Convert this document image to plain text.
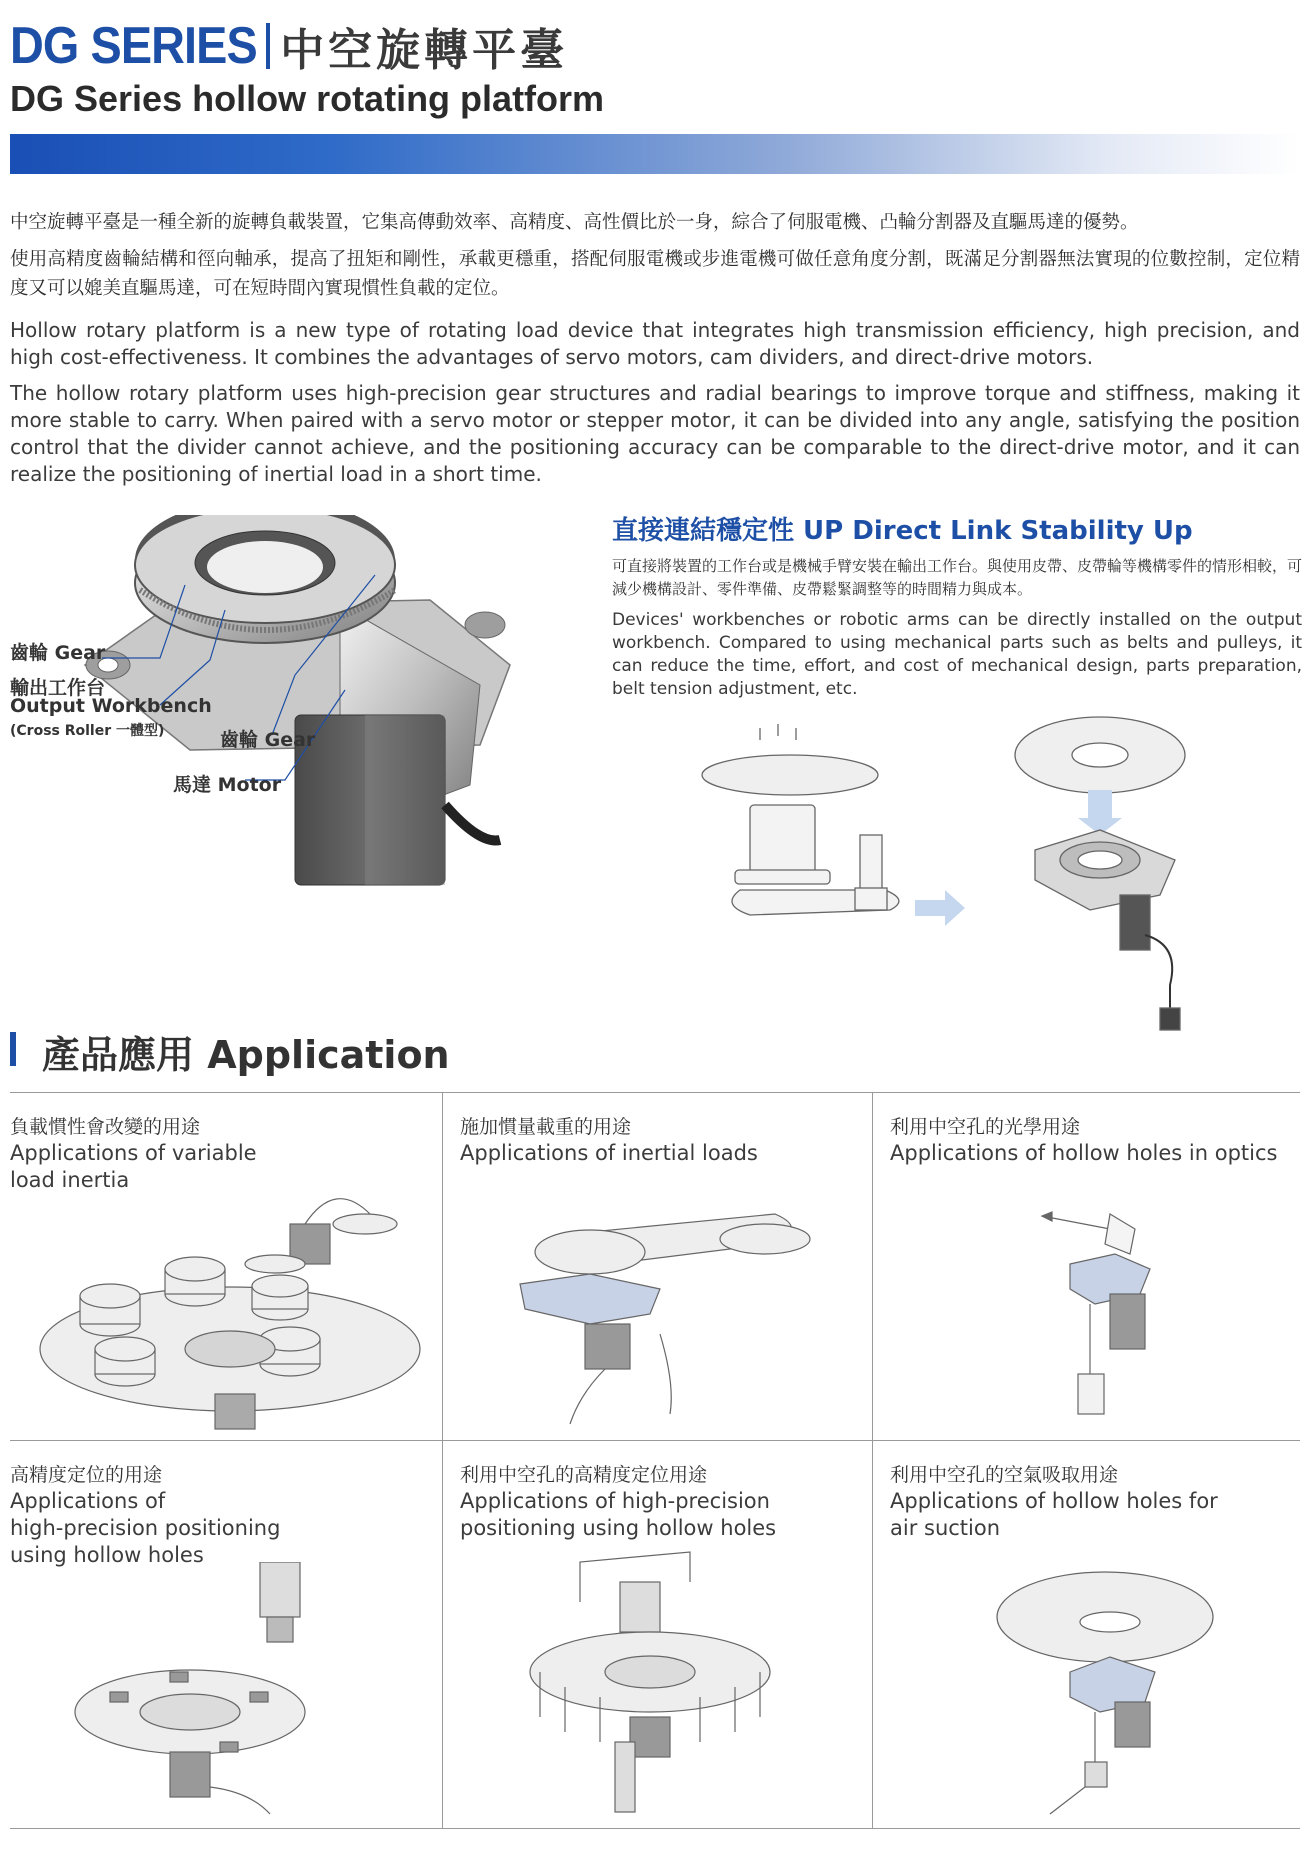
DG SERIES 中空旋轉平臺
DG Series hollow rotating platform

中空旋轉平臺是一種全新的旋轉負載裝置，它集高傳動效率、高精度、高性價比於一身，綜合了伺服電機、凸輪分割器及直驅馬達的優勢。

使用高精度齒輪結構和徑向軸承，提高了扭矩和剛性，承載更穩重，搭配伺服電機或步進電機可做任意角度分割，既滿足分割器無法實現的位數控制，定位精度又可以媲美直驅馬達，可在短時間內實現慣性負載的定位。

Hollow rotary platform is a new type of rotating load device that integrates high transmission efficiency, high precision, and high cost-effectiveness. It combines the advantages of servo motors, cam dividers, and direct-drive motors.

The hollow rotary platform uses high-precision gear structures and radial bearings to improve torque and stiffness, making it more stable to carry. When paired with a servo motor or stepper motor, it can be divided into any angle, satisfying the position control that the divider cannot achieve, and the positioning accuracy can be comparable to the direct-drive motor, and it can realize the positioning of inertial load in a short time.

齒輪 Gear
輸出工作台
Output Workbench
(Cross Roller 一體型)	齒輪 Gear
馬達 Motor
直接連結穩定性 UP Direct Link Stability Up

可直接將裝置的工作台或是機械手臂安裝在輸出工作台。與使用皮帶、皮帶輪等機構零件的情形相較，可減少機構設計、零件準備、皮帶鬆緊調整等的時間精力與成本。

Devices' workbenches or robotic arms can be directly installed on the output workbench. Compared to using mechanical parts such as belts and pulleys, it can reduce the time, effort, and cost of mechanical design, parts preparation, belt tension adjustment, etc.

產品應用 Application

負載慣性會改變的用途

Applications of variable

load inertia

施加慣量載重的用途

Applications of inertial loads

利用中空孔的光學用途

Applications of hollow holes in optics

高精度定位的用途

Applications of

high-precision positioning

using hollow holes

利用中空孔的高精度定位用途

Applications of high-precision

positioning using hollow holes

利用中空孔的空氣吸取用途

Applications of hollow holes for

air suction
